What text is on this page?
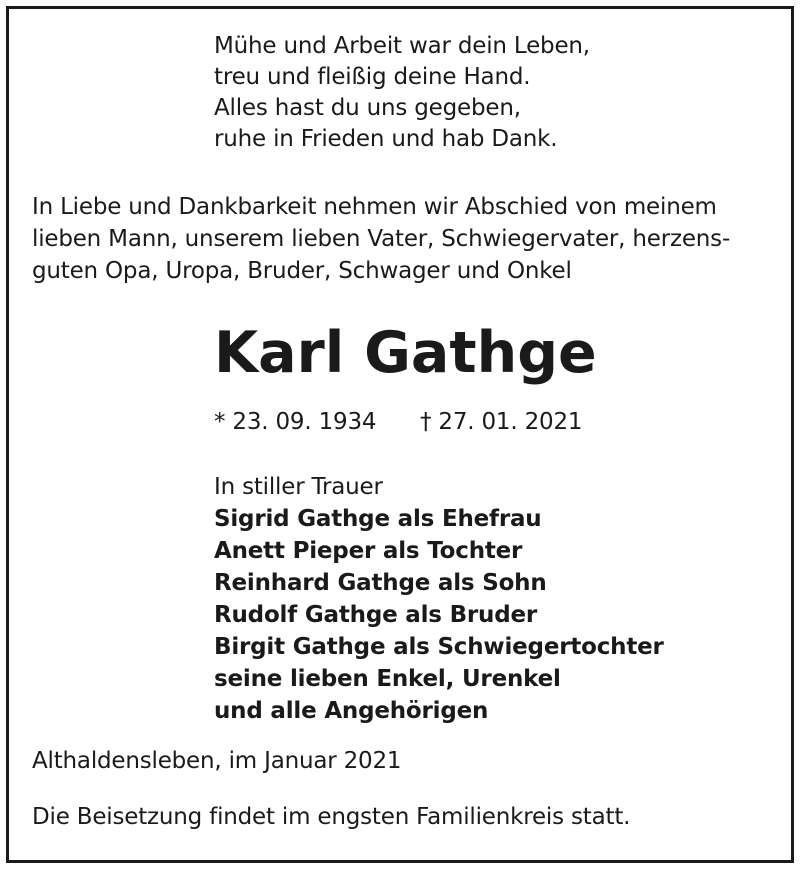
Mühe und Arbeit war dein Leben,
treu und fleißig deine Hand.
Alles hast du uns gegeben,
ruhe in Frieden und hab Dank.
In Liebe und Dankbarkeit nehmen wir Abschied von meinem
lieben Mann, unserem lieben Vater, Schwiegervater, herzens-
guten Opa, Uropa, Bruder, Schwager und Onkel
Karl Gathge
* 23. 09. 1934 † 27. 01. 2021
In stiller Trauer
Sigrid Gathge als Ehefrau
Anett Pieper als Tochter
Reinhard Gathge als Sohn
Rudolf Gathge als Bruder
Birgit Gathge als Schwiegertochter
seine lieben Enkel, Urenkel
und alle Angehörigen
Althaldensleben, im Januar 2021
Die Beisetzung findet im engsten Familienkreis statt.
